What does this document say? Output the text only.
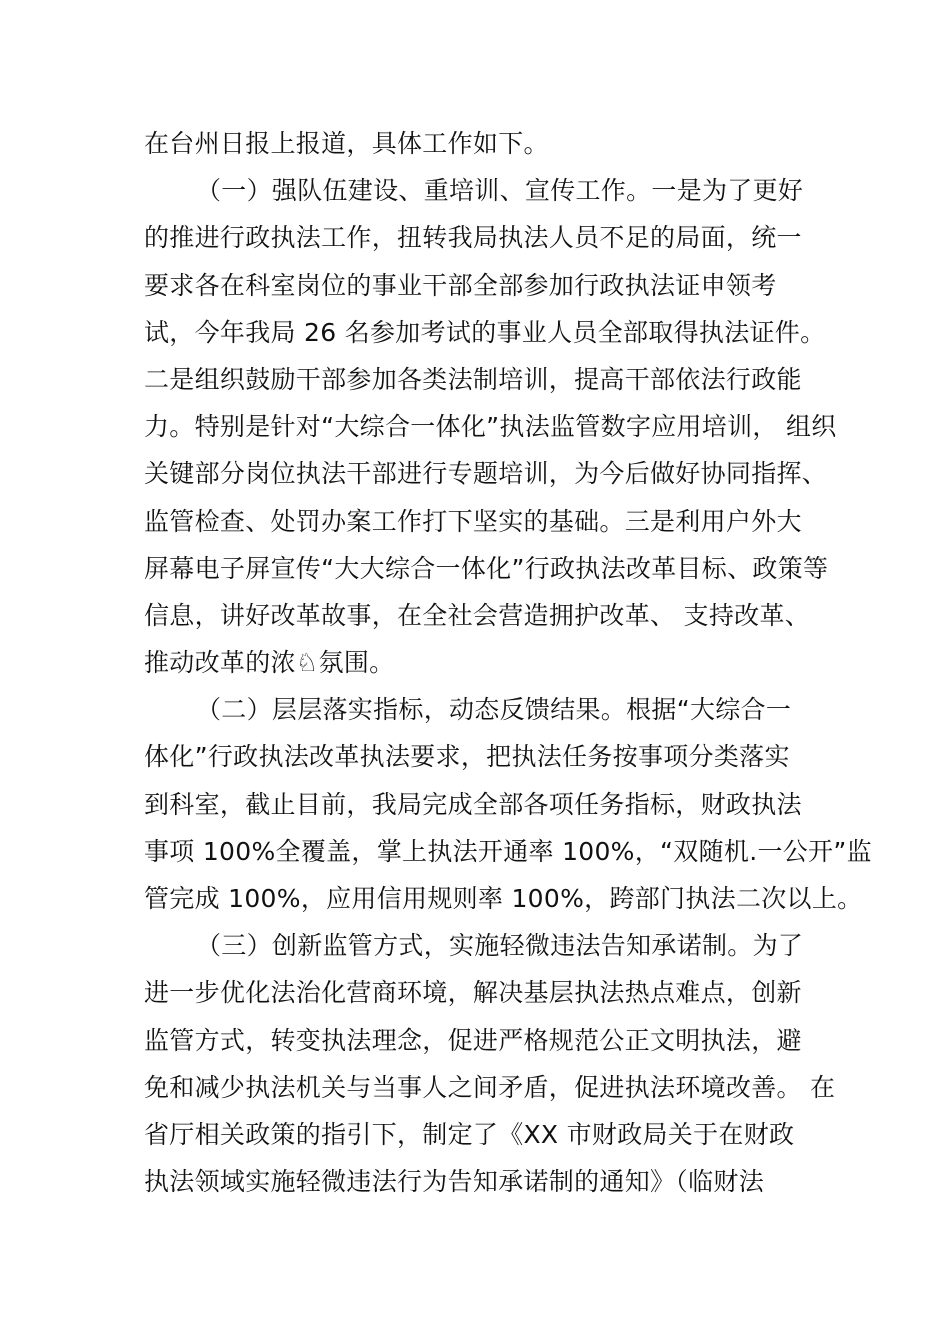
在台州日报上报道，具体工作如下。
（一）强队伍建设、重培训、宣传工作。一是为了更好
的推进行政执法工作，扭转我局执法人员不足的局面，统一
要求各在科室岗位的事业干部全部参加行政执法证申领考
试，今年我局 26 名参加考试的事业人员全部取得执法证件。
二是组织鼓励干部参加各类法制培训，提高干部依法行政能
力。特别是针对“大综合一体化”执法监管数字应用培训， 组织
关键部分岗位执法干部进行专题培训，为今后做好协同指挥、
监管检查、处罚办案工作打下坚实的基础。三是利用户外大
屏幕电子屏宣传“大大综合一体化”行政执法改革目标、政策等
信息，讲好改革故事，在全社会营造拥护改革、 支持改革、
推动改革的浓♘氛围。
（二）层层落实指标，动态反馈结果。根据“大综合一
体化”行政执法改革执法要求，把执法任务按事项分类落实
到科室，截止目前，我局完成全部各项任务指标，财政执法
事项 100%全覆盖，掌上执法开通率 100%，“双随机.一公开”监
管完成 100%，应用信用规则率 100%，跨部门执法二次以上。
（三）创新监管方式，实施轻微违法告知承诺制。为了
进一步优化法治化营商环境，解决基层执法热点难点，创新
监管方式，转变执法理念，促进严格规范公正文明执法，避
免和减少执法机关与当事人之间矛盾，促进执法环境改善。 在
省厅相关政策的指引下，制定了《XX 市财政局关于在财政
执法领域实施轻微违法行为告知承诺制的通知》（临财法
